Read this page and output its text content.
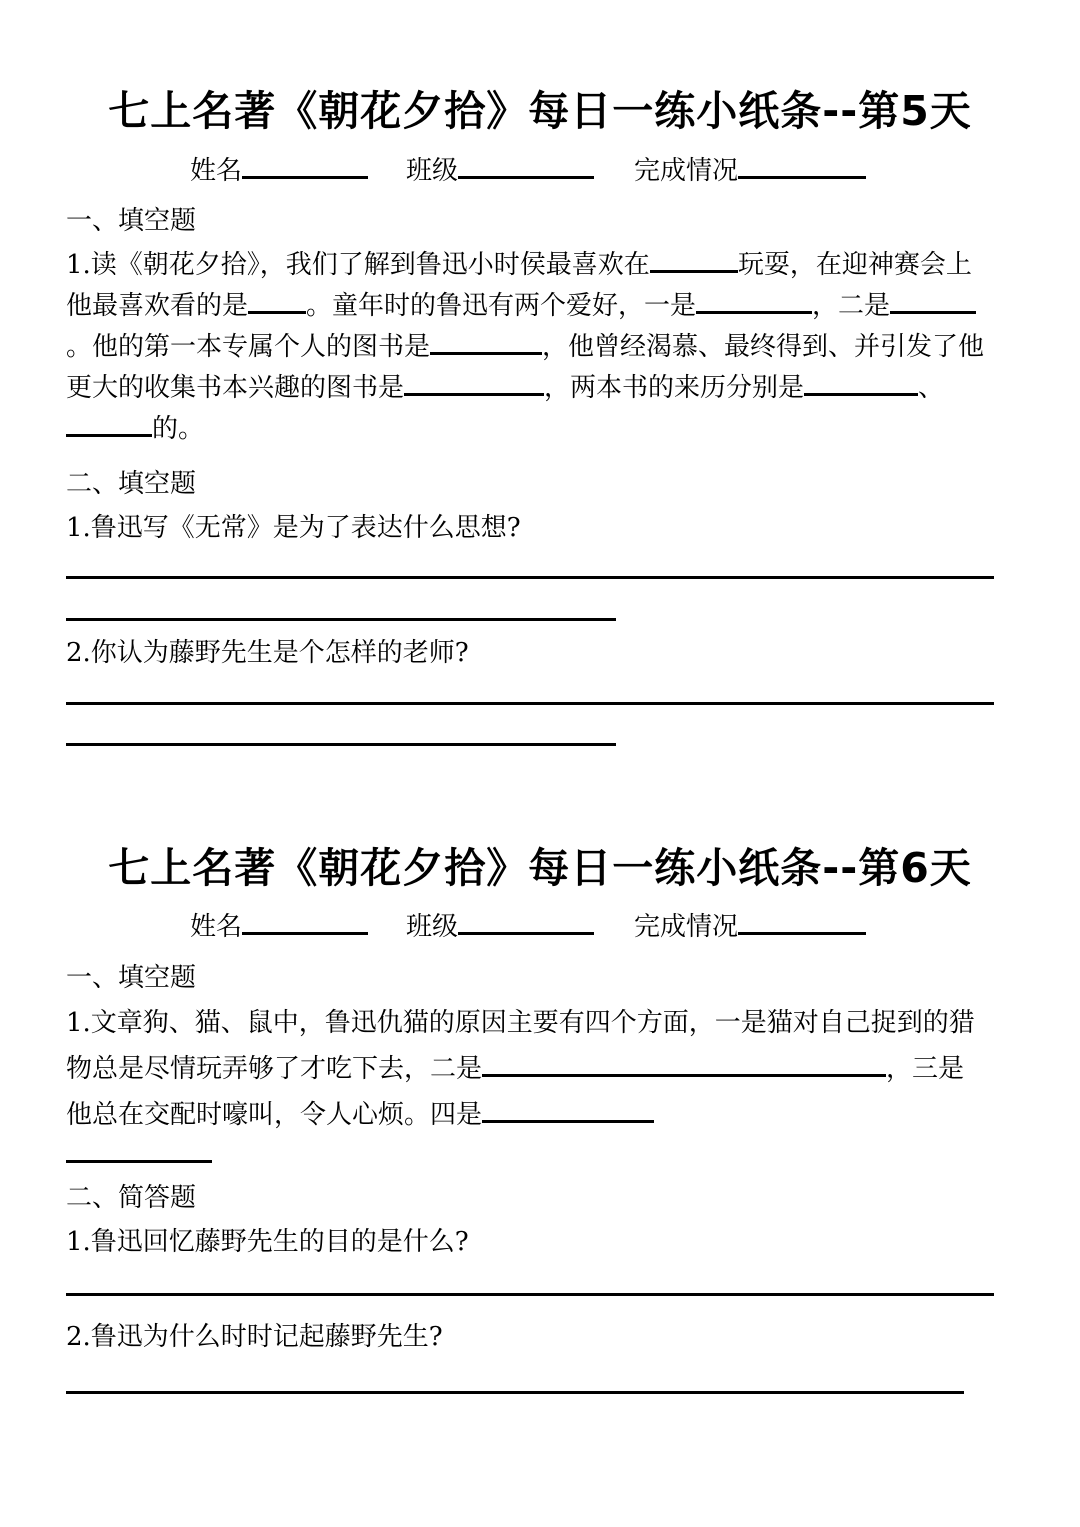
七上名著《朝花夕拾》每日一练小纸条--第5天
姓名	班级	完成情况
一、填空题
1.读《朝花夕拾》，我们了解到鲁迅小时侯最喜欢在	玩耍，在迎神赛会上他最喜欢看的是 。童年时的鲁迅有两个爱好，一是	，二是。他的第一本专属个人的图书是	，他曾经渴慕、最终得到、并引发了他更大的收集书本兴趣的图书是	，两本书的来历分别是	、的。
二、填空题
1.鲁迅写《无常》是为了表达什么思想?
2.你认为藤野先生是个怎样的老师?
七上名著《朝花夕拾》每日一练小纸条--第6天
姓名	班级	完成情况
一、填空题
1.文章狗、猫、鼠中，鲁迅仇猫的原因主要有四个方面，一是猫对自己捉到的猎物总是尽情玩弄够了才吃下去，二是	，三是他总在交配时嚎叫，令人心烦。四是
二、简答题
1.鲁迅回忆藤野先生的目的是什么?
2.鲁迅为什么时时记起藤野先生?
